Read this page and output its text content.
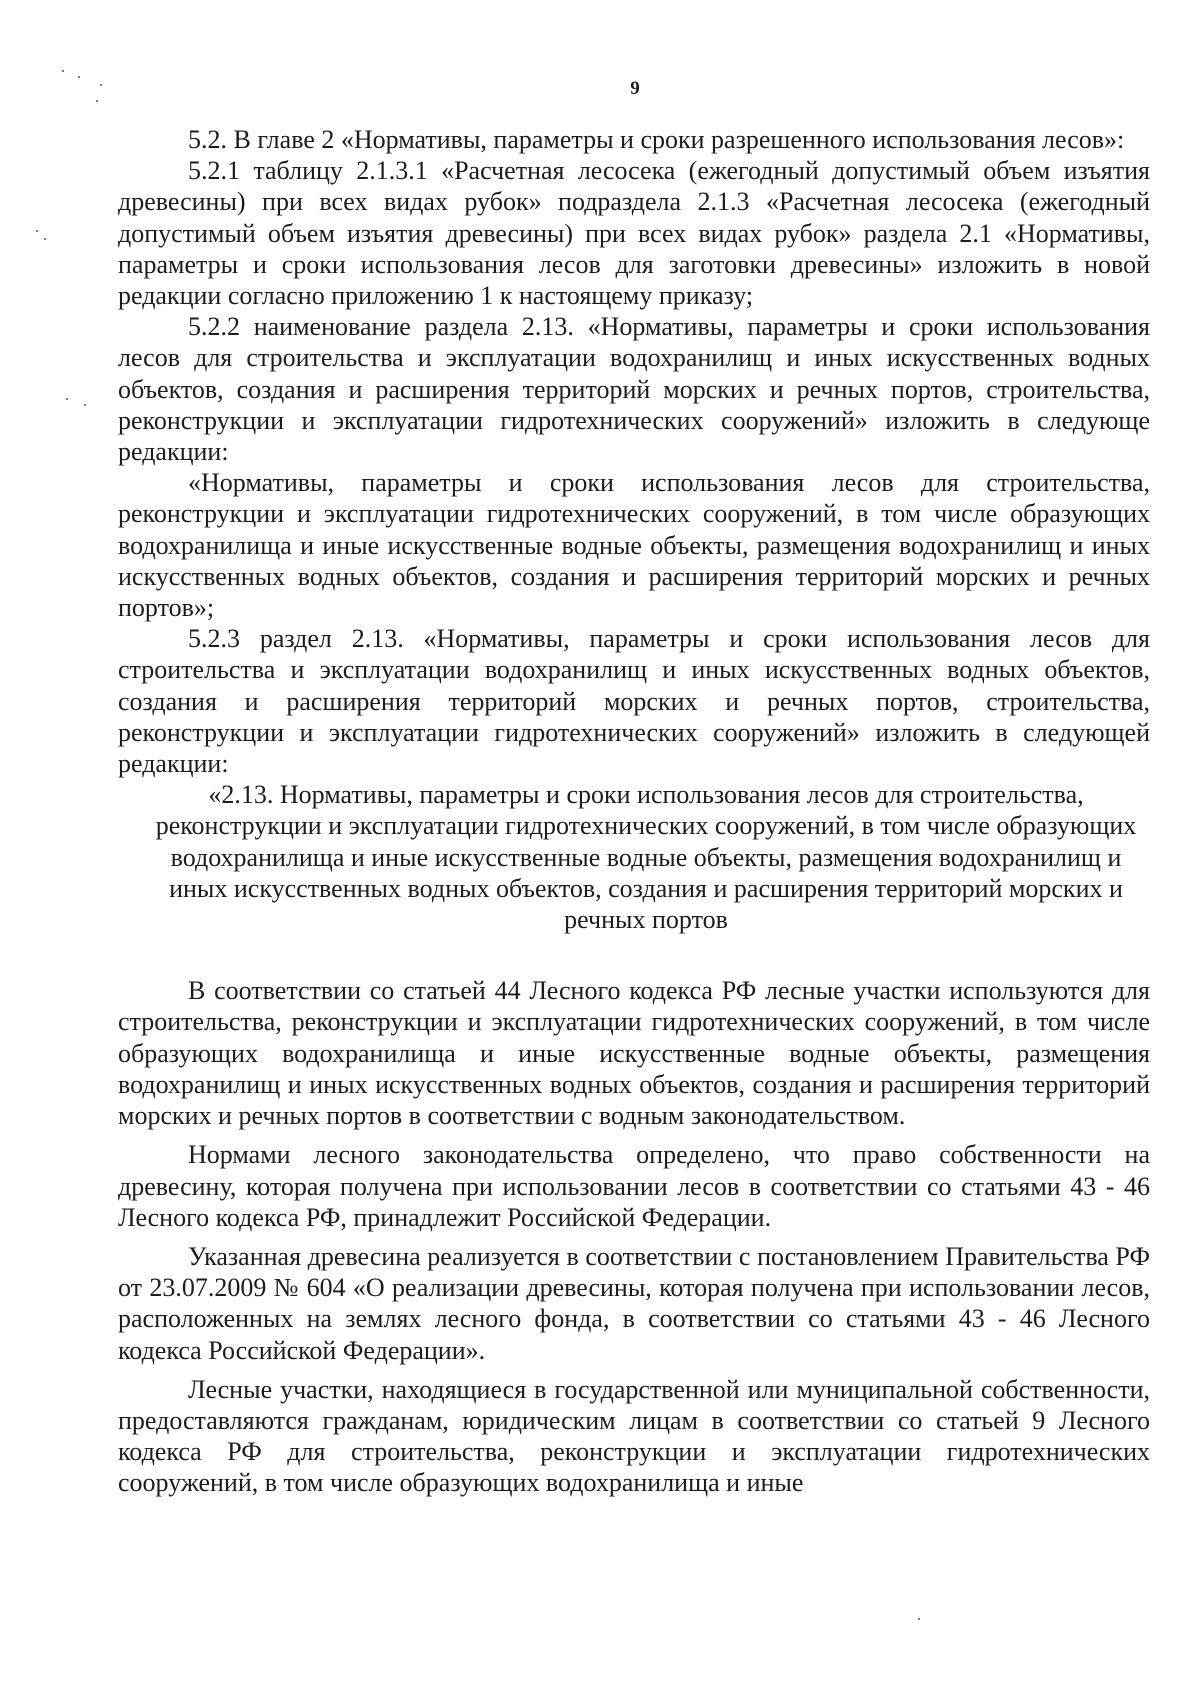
9

5.2. В главе 2 «Нормативы, параметры и сроки разрешенного использования лесов»:

5.2.1 таблицу 2.1.3.1 «Расчетная лесосека (ежегодный допустимый объем изъятия древесины) при всех видах рубок» подраздела 2.1.3 «Расчетная лесосека (ежегодный допустимый объем изъятия древесины) при всех видах рубок» раздела 2.1 «Нормативы, параметры и сроки использования лесов для заготовки древесины» изложить в новой редакции согласно приложению 1 к настоящему приказу;

5.2.2 наименование раздела 2.13. «Нормативы, параметры и сроки использования лесов для строительства и эксплуатации водохранилищ и иных искусственных водных объектов, создания и расширения территорий морских и речных портов, строительства, реконструкции и эксплуатации гидротехнических сооружений» изложить в следующе редакции:

«Нормативы, параметры и сроки использования лесов для строительства, реконструкции и эксплуатации гидротехнических сооружений, в том числе образующих водохранилища и иные искусственные водные объекты, размещения водохранилищ и иных искусственных водных объектов, создания и расширения территорий морских и речных портов»;

5.2.3 раздел 2.13. «Нормативы, параметры и сроки использования лесов для строительства и эксплуатации водохранилищ и иных искусственных водных объектов, создания и расширения территорий морских и речных портов, строительства, реконструкции и эксплуатации гидротехнических сооружений» изложить в следующей редакции:

«2.13. Нормативы, параметры и сроки использования лесов для строительства, реконструкции и эксплуатации гидротехнических сооружений, в том числе образующих водохранилища и иные искусственные водные объекты, размещения водохранилищ и иных искусственных водных объектов, создания и расширения территорий морских и речных портов

В соответствии со статьей 44 Лесного кодекса РФ лесные участки используются для строительства, реконструкции и эксплуатации гидротехнических сооружений, в том числе образующих водохранилища и иные искусственные водные объекты, размещения водохранилищ и иных искусственных водных объектов, создания и расширения территорий морских и речных портов в соответствии с водным законодательством.

Нормами лесного законодательства определено, что право собственности на древесину, которая получена при использовании лесов в соответствии со статьями 43 - 46 Лесного кодекса РФ, принадлежит Российской Федерации.

Указанная древесина реализуется в соответствии с постановлением Правительства РФ от 23.07.2009 № 604 «О реализации древесины, которая получена при использовании лесов, расположенных на землях лесного фонда, в соответствии со статьями 43 - 46 Лесного кодекса Российской Федерации».

Лесные участки, находящиеся в государственной или муниципальной собственности, предоставляются гражданам, юридическим лицам в соответствии со статьей 9 Лесного кодекса РФ для строительства, реконструкции и эксплуатации гидротехнических сооружений, в том числе образующих водохранилища и иные
